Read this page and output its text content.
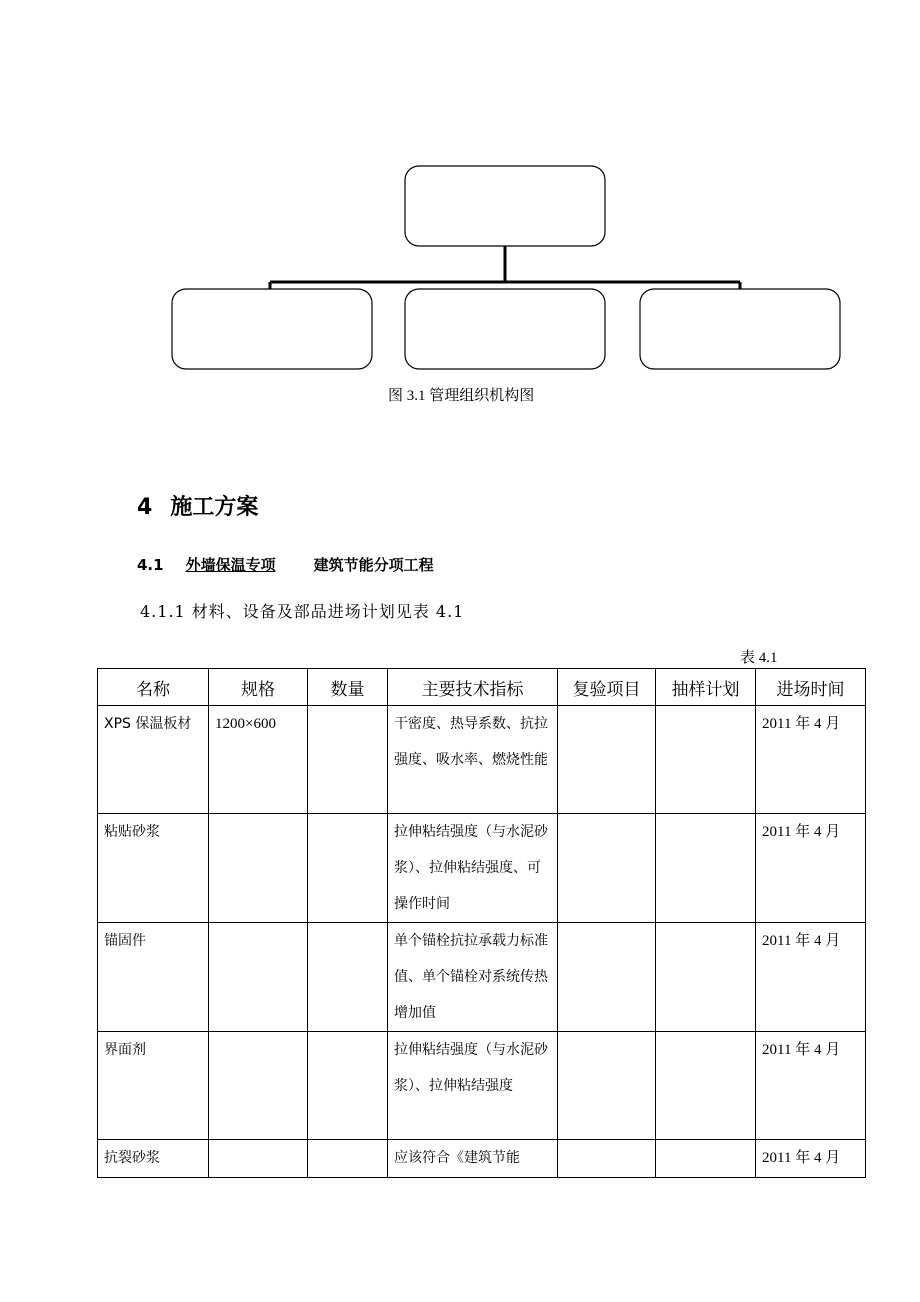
图 3.1 管理组织机构图
4 施工方案
4.1 外墙保温专项	建筑节能分项工程
4.1.1 材料、设备及部品进场计划见表 4.1
表 4.1
名称	规格	数量	主要技术指标	复验项目	抽样计划	进场时间
XPS 保温板材	1200×600		干密度、热导系数、抗拉强度、吸水率、燃烧性能			2011 年 4 月
粘贴砂浆			拉伸粘结强度（与水泥砂浆）、拉伸粘结强度、可操作时间			2011 年 4 月
锚固件			单个锚栓抗拉承载力标准值、单个锚栓对系统传热增加值			2011 年 4 月
界面剂			拉伸粘结强度（与水泥砂浆）、拉伸粘结强度			2011 年 4 月
抗裂砂浆			应该符合《建筑节能			2011 年 4 月
